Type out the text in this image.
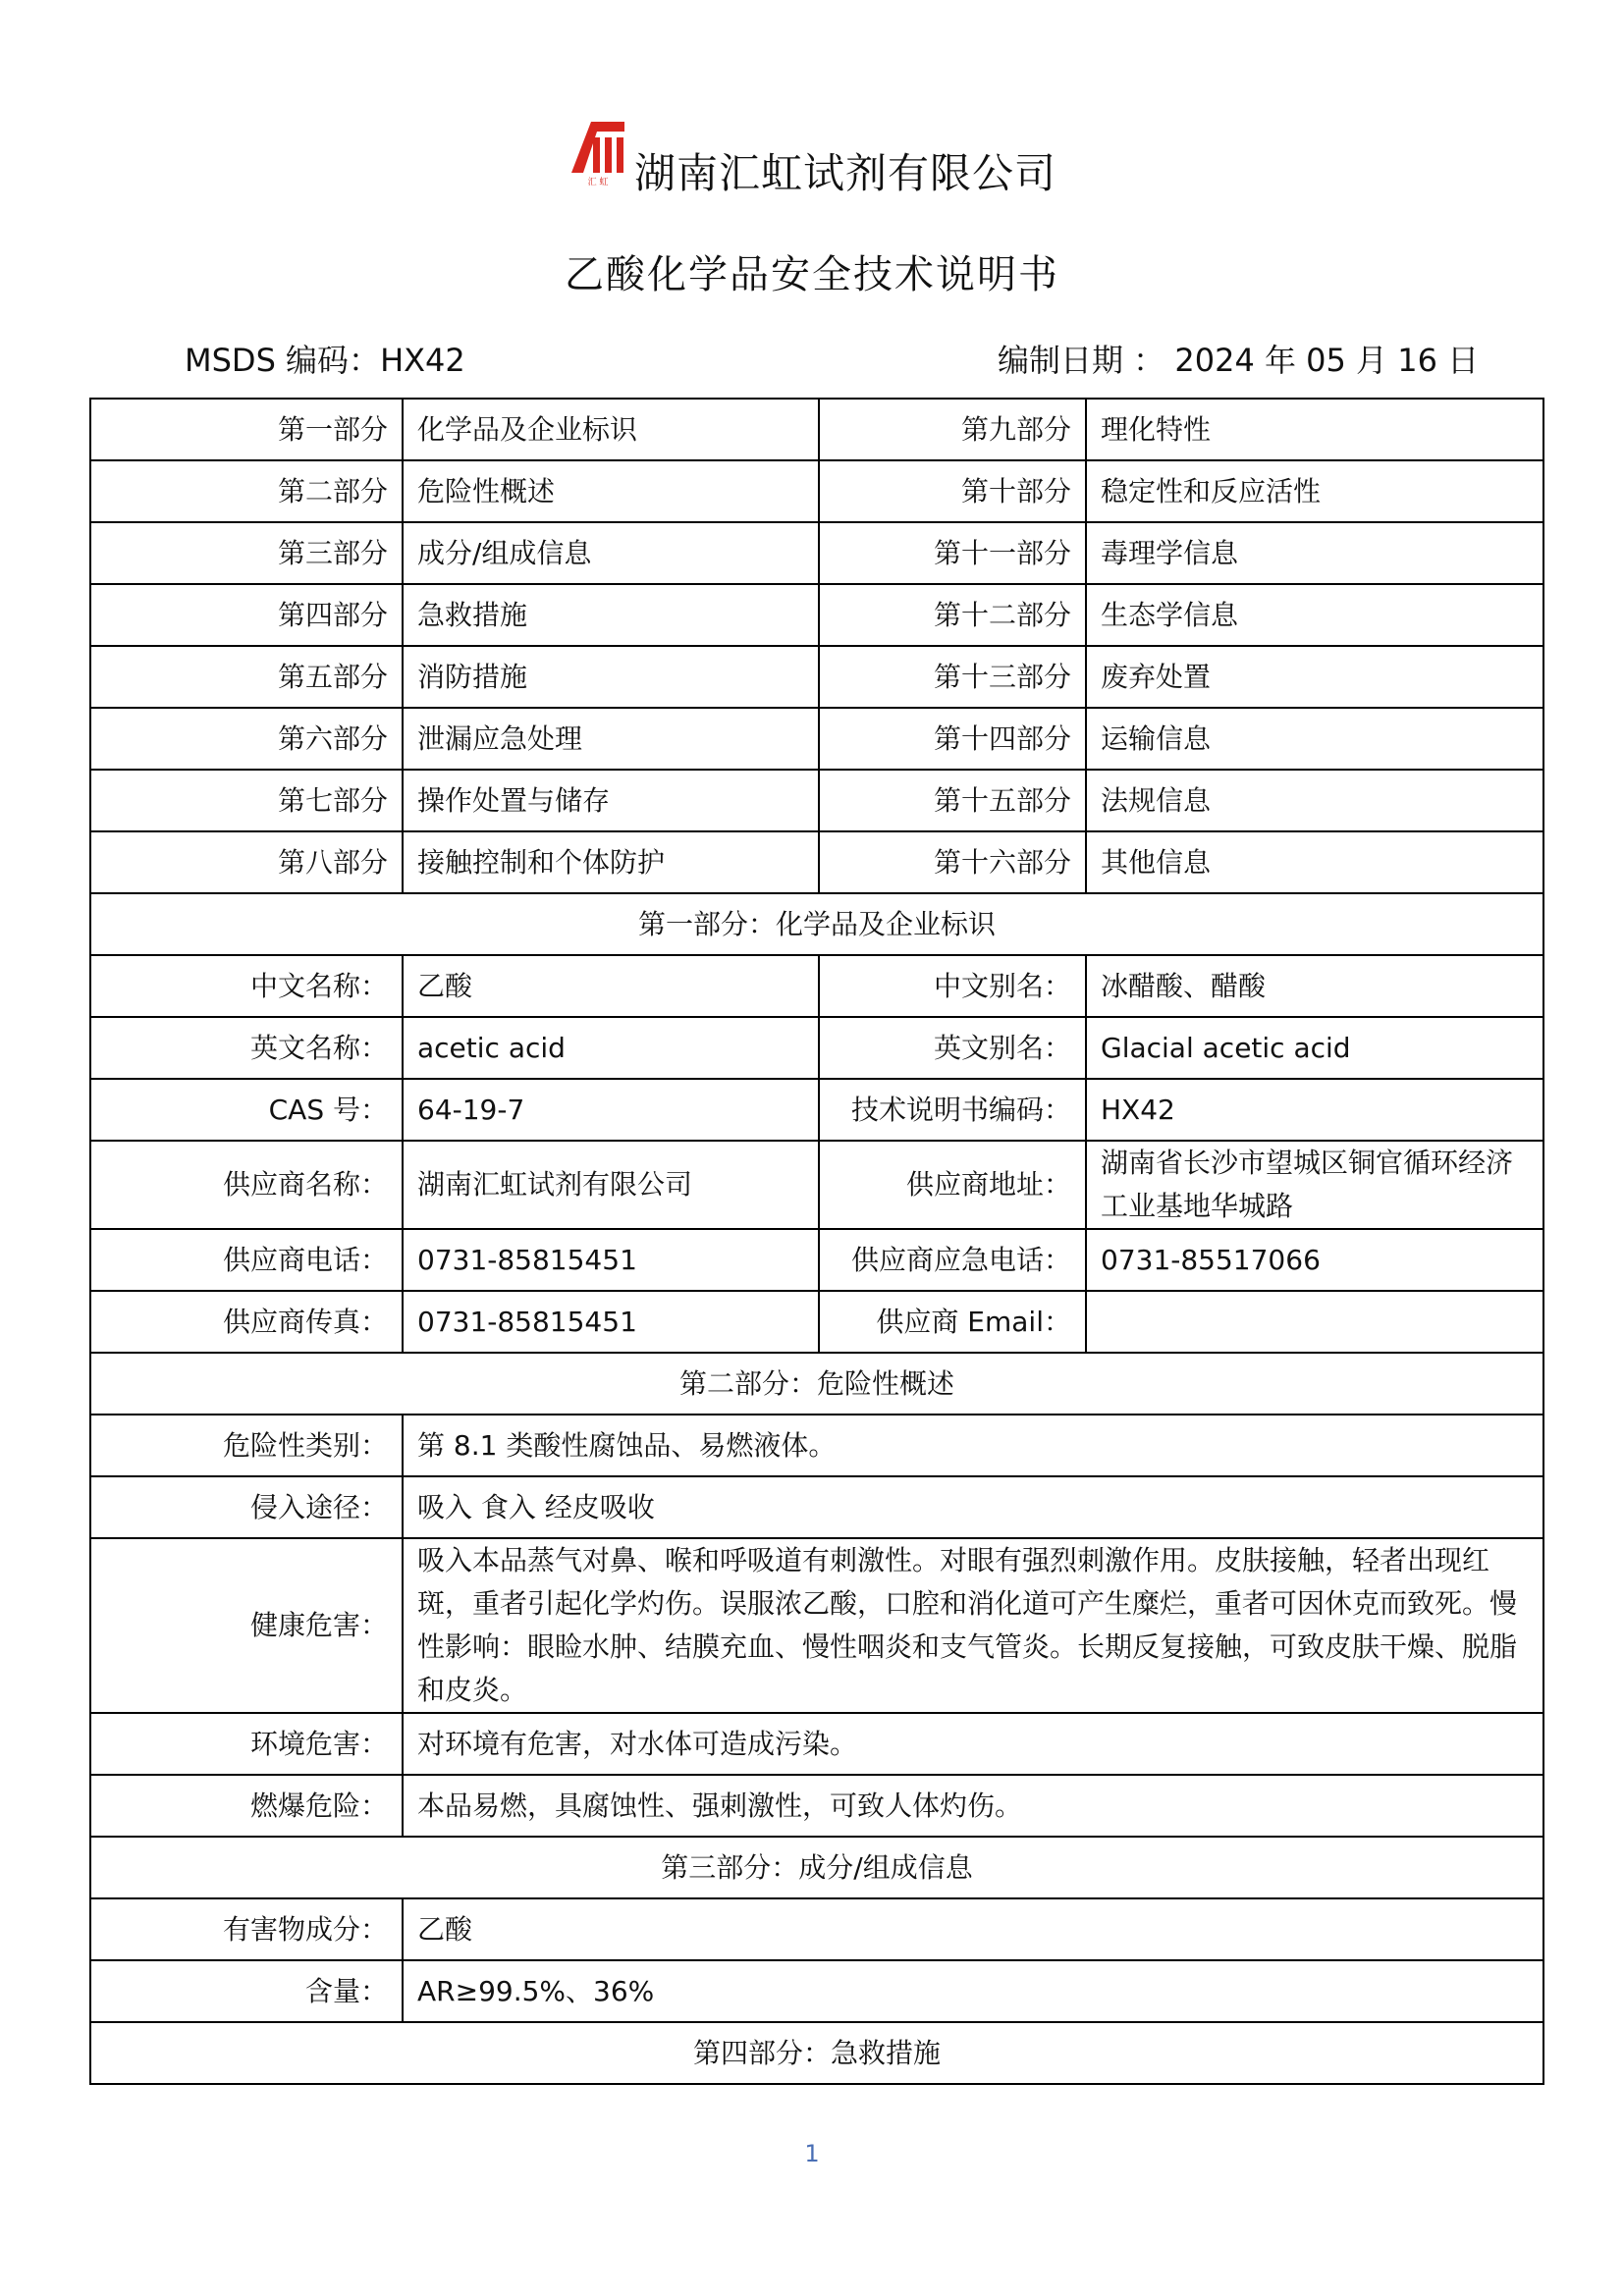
汇 虹 湖南汇虹试剂有限公司
乙酸化学品安全技术说明书
MSDS 编码：HX42	编制日期 ： 2024 年 05 月 16 日
第一部分	化学品及企业标识	第九部分	理化特性
第二部分	危险性概述	第十部分	稳定性和反应活性
第三部分	成分/组成信息	第十一部分	毒理学信息
第四部分	急救措施	第十二部分	生态学信息
第五部分	消防措施	第十三部分	废弃处置
第六部分	泄漏应急处理	第十四部分	运输信息
第七部分	操作处置与储存	第十五部分	法规信息
第八部分	接触控制和个体防护	第十六部分	其他信息
第一部分：化学品及企业标识			
中文名称：	乙酸	中文别名：	冰醋酸、醋酸
英文名称：	acetic acid	英文别名：	Glacial acetic acid
CAS 号：	64-19-7	技术说明书编码：	HX42
供应商名称：	湖南汇虹试剂有限公司	供应商地址：	湖南省长沙市望城区铜官循环经济工业基地华城路
供应商电话：	0731-85815451	供应商应急电话：	0731-85517066
供应商传真：	0731-85815451	供应商 Email：	
第二部分：危险性概述			
危险性类别：	第 8.1 类酸性腐蚀品、易燃液体。		
侵入途径：	吸入 食入 经皮吸收		
健康危害：	吸入本品蒸气对鼻、喉和呼吸道有刺激性。对眼有强烈刺激作用。皮肤接触，轻者出现红斑，重者引起化学灼伤。误服浓乙酸，口腔和消化道可产生糜烂，重者可因休克而致死。慢性影响：眼睑水肿、结膜充血、慢性咽炎和支气管炎。长期反复接触，可致皮肤干燥、脱脂和皮炎。		
环境危害：	对环境有危害，对水体可造成污染。		
燃爆危险：	本品易燃，具腐蚀性、强刺激性，可致人体灼伤。		
第三部分：成分/组成信息			
有害物成分：	乙酸		
含量：	AR≥99.5%、36%		
第四部分：急救措施			
1
